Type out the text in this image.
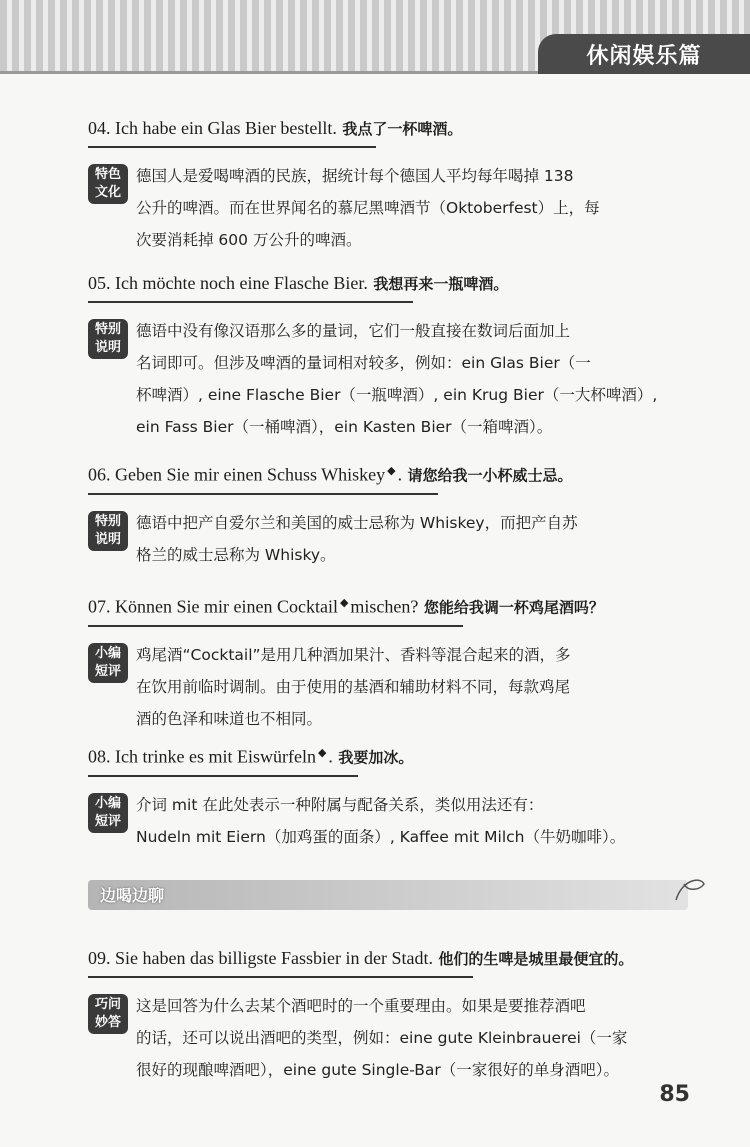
休闲娱乐篇
04. Ich habe ein Glas Bier bestellt. 我点了一杯啤酒。
特色
文化
德国人是爱喝啤酒的民族，据统计每个德国人平均每年喝掉 138
公升的啤酒。而在世界闻名的慕尼黑啤酒节（Oktoberfest）上，每
次要消耗掉 600 万公升的啤酒。
05. Ich möchte noch eine Flasche Bier. 我想再来一瓶啤酒。
特别
说明
德语中没有像汉语那么多的量词，它们一般直接在数词后面加上
名词即可。但涉及啤酒的量词相对较多，例如：ein Glas Bier（一
杯啤酒）, eine Flasche Bier（一瓶啤酒）, ein Krug Bier（一大杯啤酒）,
ein Fass Bier（一桶啤酒），ein Kasten Bier（一箱啤酒）。
06. Geben Sie mir einen Schuss Whiskey ◆ . 请您给我一小杯威士忌。
特别
说明
德语中把产自爱尔兰和美国的威士忌称为 Whiskey，而把产自苏
格兰的威士忌称为 Whisky。
07. Können Sie mir einen Cocktail ◆ mischen? 您能给我调一杯鸡尾酒吗？
小编
短评
鸡尾酒“Cocktail”是用几种酒加果汁、香料等混合起来的酒，多
在饮用前临时调制。由于使用的基酒和辅助材料不同，每款鸡尾
酒的色泽和味道也不相同。
08. Ich trinke es mit Eiswürfeln ◆ . 我要加冰。
小编
短评
介词 mit 在此处表示一种附属与配备关系，类似用法还有：
Nudeln mit Eiern（加鸡蛋的面条）, Kaffee mit Milch（牛奶咖啡）。
边喝边聊
09. Sie haben das billigste Fassbier in der Stadt. 他们的生啤是城里最便宜的。
巧问
妙答
这是回答为什么去某个酒吧时的一个重要理由。如果是要推荐酒吧
的话，还可以说出酒吧的类型，例如：eine gute Kleinbrauerei（一家
很好的现酿啤酒吧），eine gute Single-Bar（一家很好的单身酒吧）。
85
